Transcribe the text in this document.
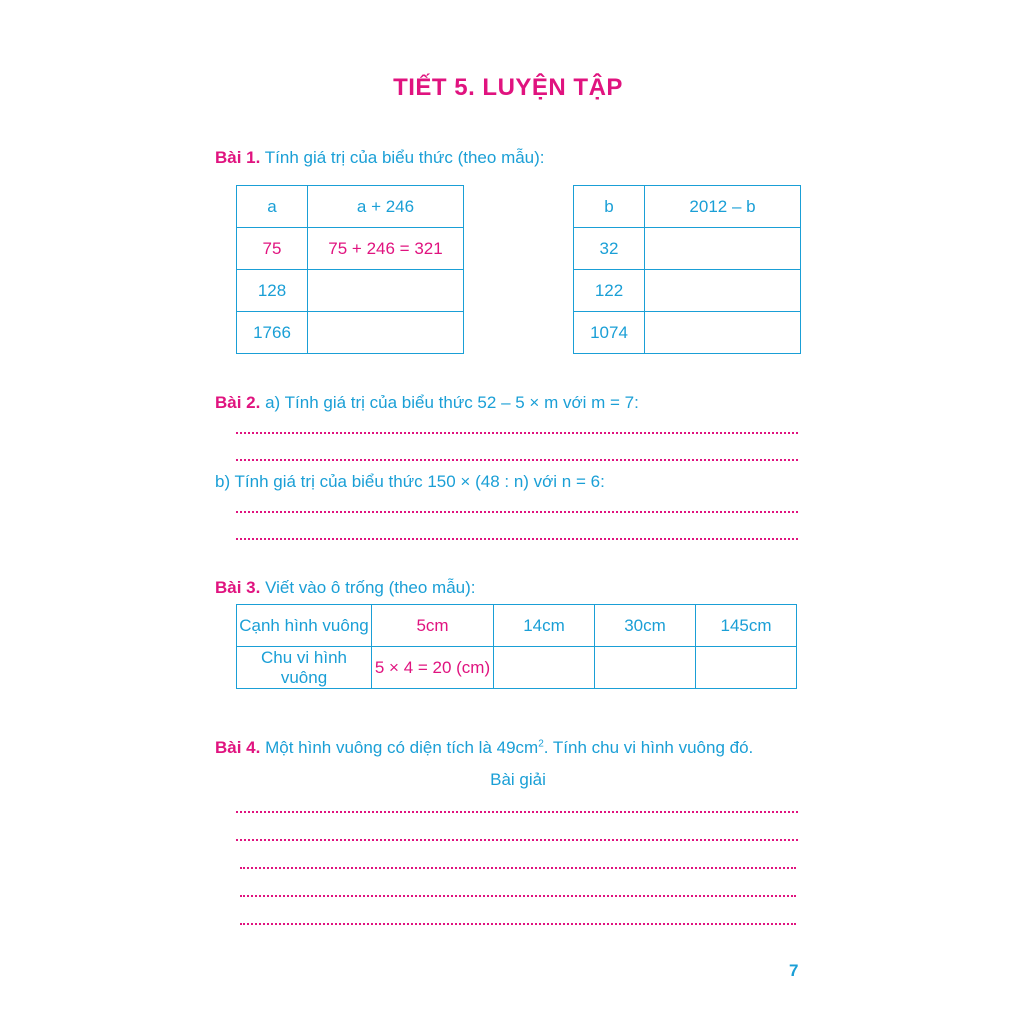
TIẾT 5. LUYỆN TẬP
Bài 1. Tính giá trị của biểu thức (theo mẫu):
a	a + 246
75	75 + 246 = 321
128	
1766	
b	2012 – b
32	
122	
1074	
Bài 2. a) Tính giá trị của biểu thức 52 – 5 × m với m = 7:
b) Tính giá trị của biểu thức 150 × (48 : n) với n = 6:
Bài 3. Viết vào ô trống (theo mẫu):
Cạnh hình vuông	5cm	14cm	30cm	145cm
Chu vi hình vuông	5 × 4 = 20 (cm)			
Bài 4. Một hình vuông có diện tích là $49cm^2$. Tính chu vi hình vuông đó.
Bài giải
7
